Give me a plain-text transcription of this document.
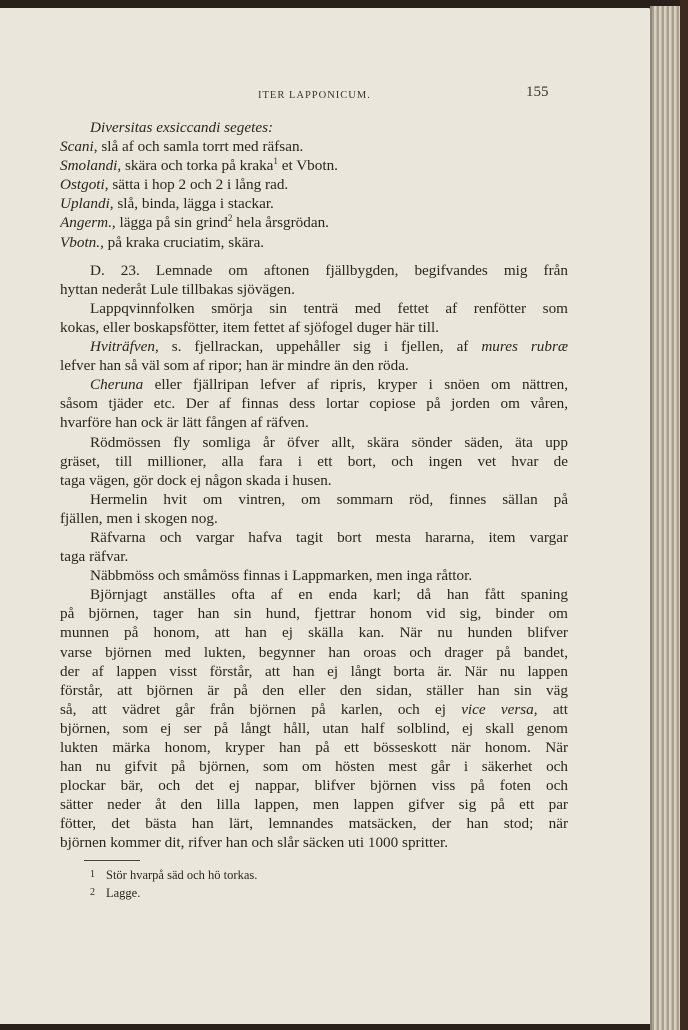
ITER LAPPONICUM.	155
Diversitas exsiccandi segetes:
Scani, slå af och samla torrt med räfsan.
Smolandi, skära och torka på kraka$^1$ et Vbotn.
Ostgoti, sätta i hop 2 och 2 i lång rad.
Uplandi, slå, binda, lägga i stackar.
Angerm., lägga på sin grind$^2$ hela årsgrödan.
Vbotn., på kraka cruciatim, skära.
D. 23. Lemnade om aftonen fjällbygden, begifvandes mig från
hyttan nederåt Lule tillbakas sjövägen.
Lappqvinnfolken smörja sin tenträ med fettet af renfötter som
kokas, eller boskapsfötter, item fettet af sjöfogel duger här till.
Hviträfven, s. fjellrackan, uppehåller sig i fjellen, af mures rubræ
lefver han så väl som af ripor; han är mindre än den röda.
Cheruna eller fjällripan lefver af ripris, kryper i snöen om nättren,
såsom tjäder etc. Der af finnas dess lortar copiose på jorden om våren,
hvarföre han ock är lätt fången af räfven.
Rödmössen fly somliga år öfver allt, skära sönder säden, äta upp
gräset, till millioner, alla fara i ett bort, och ingen vet hvar de
taga vägen, gör dock ej någon skada i husen.
Hermelin hvit om vintren, om sommarn röd, finnes sällan på
fjällen, men i skogen nog.
Räfvarna och vargar hafva tagit bort mesta hararna, item vargar
taga räfvar.
Näbbmöss och småmöss finnas i Lappmarken, men inga råttor.
Björnjagt anställes ofta af en enda karl; då han fått spaning
på björnen, tager han sin hund, fjettrar honom vid sig, binder om
munnen på honom, att han ej skälla kan. När nu hunden blifver
varse björnen med lukten, begynner han oroas och drager på bandet,
der af lappen visst förstår, att han ej långt borta är. När nu lappen
förstår, att björnen är på den eller den sidan, ställer han sin väg
så, att vädret går från björnen på karlen, och ej vice versa, att
björnen, som ej ser på långt håll, utan half solblind, ej skall genom
lukten märka honom, kryper han på ett bösseskott när honom. När
han nu gifvit på björnen, som om hösten mest går i säkerhet och
plockar bär, och det ej nappar, blifver björnen viss på foten och
sätter neder åt den lilla lappen, men lappen gifver sig på ett par
fötter, det bästa han lärt, lemnandes matsäcken, der han stod; när
björnen kommer dit, rifver han och slår säcken uti 1000 spritter.
1 Stör hvarpå säd och hö torkas.
2 Lagge.
